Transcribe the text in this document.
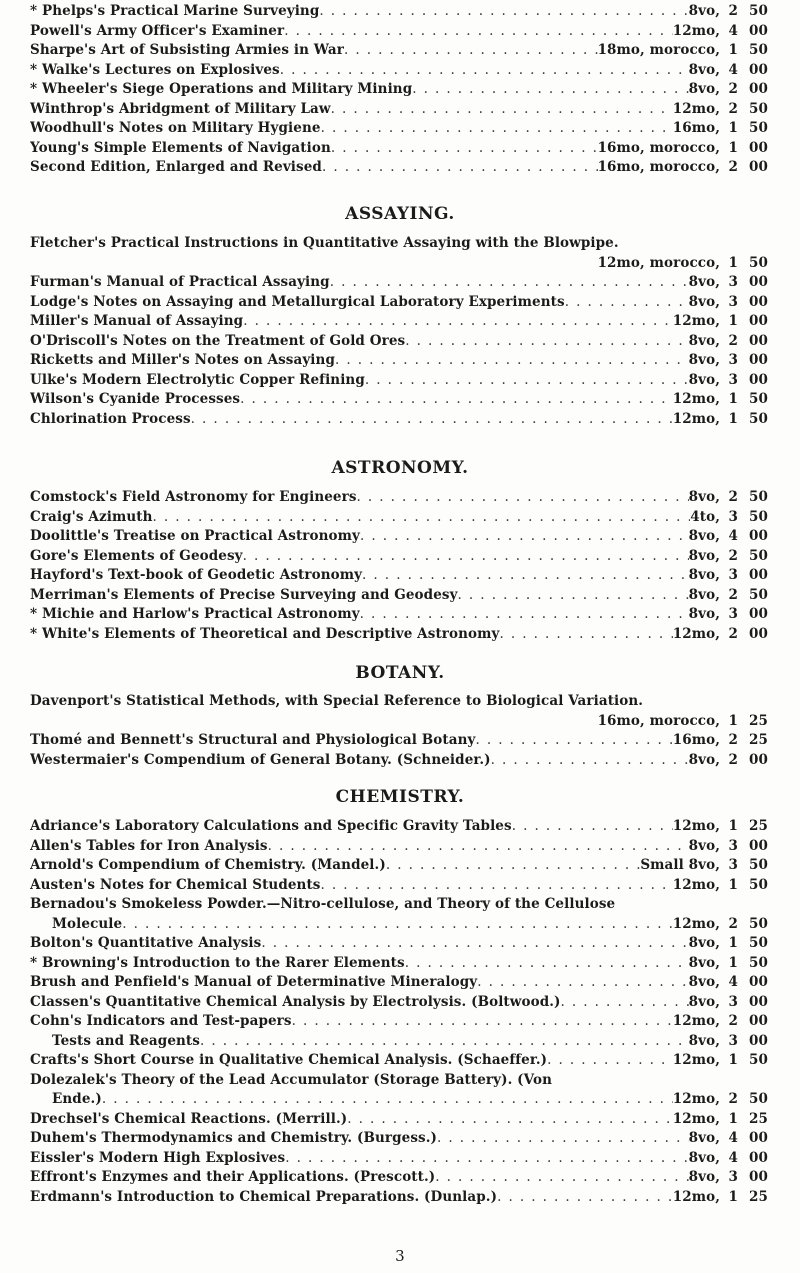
* Phelps's Practical Marine Surveying . . .	8vo, 2 50
Powell's Army Officer's Examiner . . .	12mo, 4 00
Sharpe's Art of Subsisting Armies in War . . .	18mo, morocco, 1 50
* Walke's Lectures on Explosives . . .	8vo, 4 00
* Wheeler's Siege Operations and Military Mining . . .	8vo, 2 00
Winthrop's Abridgment of Military Law . . .	12mo, 2 50
Woodhull's Notes on Military Hygiene . . .	16mo, 1 50
Young's Simple Elements of Navigation . . .	16mo, morocco, 1 00
Second Edition, Enlarged and Revised . . .	16mo, morocco, 2 00
ASSAYING.
Fletcher's Practical Instructions in Quantitative Assaying with the Blowpipe.
12mo, morocco, 1 50
Furman's Manual of Practical Assaying . . .	8vo, 3 00
Lodge's Notes on Assaying and Metallurgical Laboratory Experiments . . .	8vo, 3 00
Miller's Manual of Assaying . . .	12mo, 1 00
O'Driscoll's Notes on the Treatment of Gold Ores . . .	8vo, 2 00
Ricketts and Miller's Notes on Assaying . . .	8vo, 3 00
Ulke's Modern Electrolytic Copper Refining . . .	8vo, 3 00
Wilson's Cyanide Processes . . .	12mo, 1 50
Chlorination Process . . .	12mo, 1 50
ASTRONOMY.
Comstock's Field Astronomy for Engineers . . .	8vo, 2 50
Craig's Azimuth . . .	4to, 3 50
Doolittle's Treatise on Practical Astronomy . . .	8vo, 4 00
Gore's Elements of Geodesy . . .	8vo, 2 50
Hayford's Text-book of Geodetic Astronomy . . .	8vo, 3 00
Merriman's Elements of Precise Surveying and Geodesy . . .	8vo, 2 50
* Michie and Harlow's Practical Astronomy . . .	8vo, 3 00
* White's Elements of Theoretical and Descriptive Astronomy . . .	12mo, 2 00
BOTANY.
Davenport's Statistical Methods, with Special Reference to Biological Variation.
16mo, morocco, 1 25
Thomé and Bennett's Structural and Physiological Botany . . .	16mo, 2 25
Westermaier's Compendium of General Botany. (Schneider.) . . .	8vo, 2 00
CHEMISTRY.
Adriance's Laboratory Calculations and Specific Gravity Tables . . .	12mo, 1 25
Allen's Tables for Iron Analysis . . .	8vo, 3 00
Arnold's Compendium of Chemistry. (Mandel.) . . .	Small 8vo, 3 50
Austen's Notes for Chemical Students . . .	12mo, 1 50
Bernadou's Smokeless Powder.—Nitro-cellulose, and Theory of the Cellulose
Molecule . . .	12mo, 2 50
Bolton's Quantitative Analysis . . .	8vo, 1 50
* Browning's Introduction to the Rarer Elements . . .	8vo, 1 50
Brush and Penfield's Manual of Determinative Mineralogy . . .	8vo, 4 00
Classen's Quantitative Chemical Analysis by Electrolysis. (Boltwood.) . . .	8vo, 3 00
Cohn's Indicators and Test-papers . . .	12mo, 2 00
Tests and Reagents . . .	8vo, 3 00
Crafts's Short Course in Qualitative Chemical Analysis. (Schaeffer.) . . .	12mo, 1 50
Dolezalek's Theory of the Lead Accumulator (Storage Battery). (Von
Ende.) . . .	12mo, 2 50
Drechsel's Chemical Reactions. (Merrill.) . . .	12mo, 1 25
Duhem's Thermodynamics and Chemistry. (Burgess.) . . .	8vo, 4 00
Eissler's Modern High Explosives . . .	8vo, 4 00
Effront's Enzymes and their Applications. (Prescott.) . . .	8vo, 3 00
Erdmann's Introduction to Chemical Preparations. (Dunlap.) . . .	12mo, 1 25
3
